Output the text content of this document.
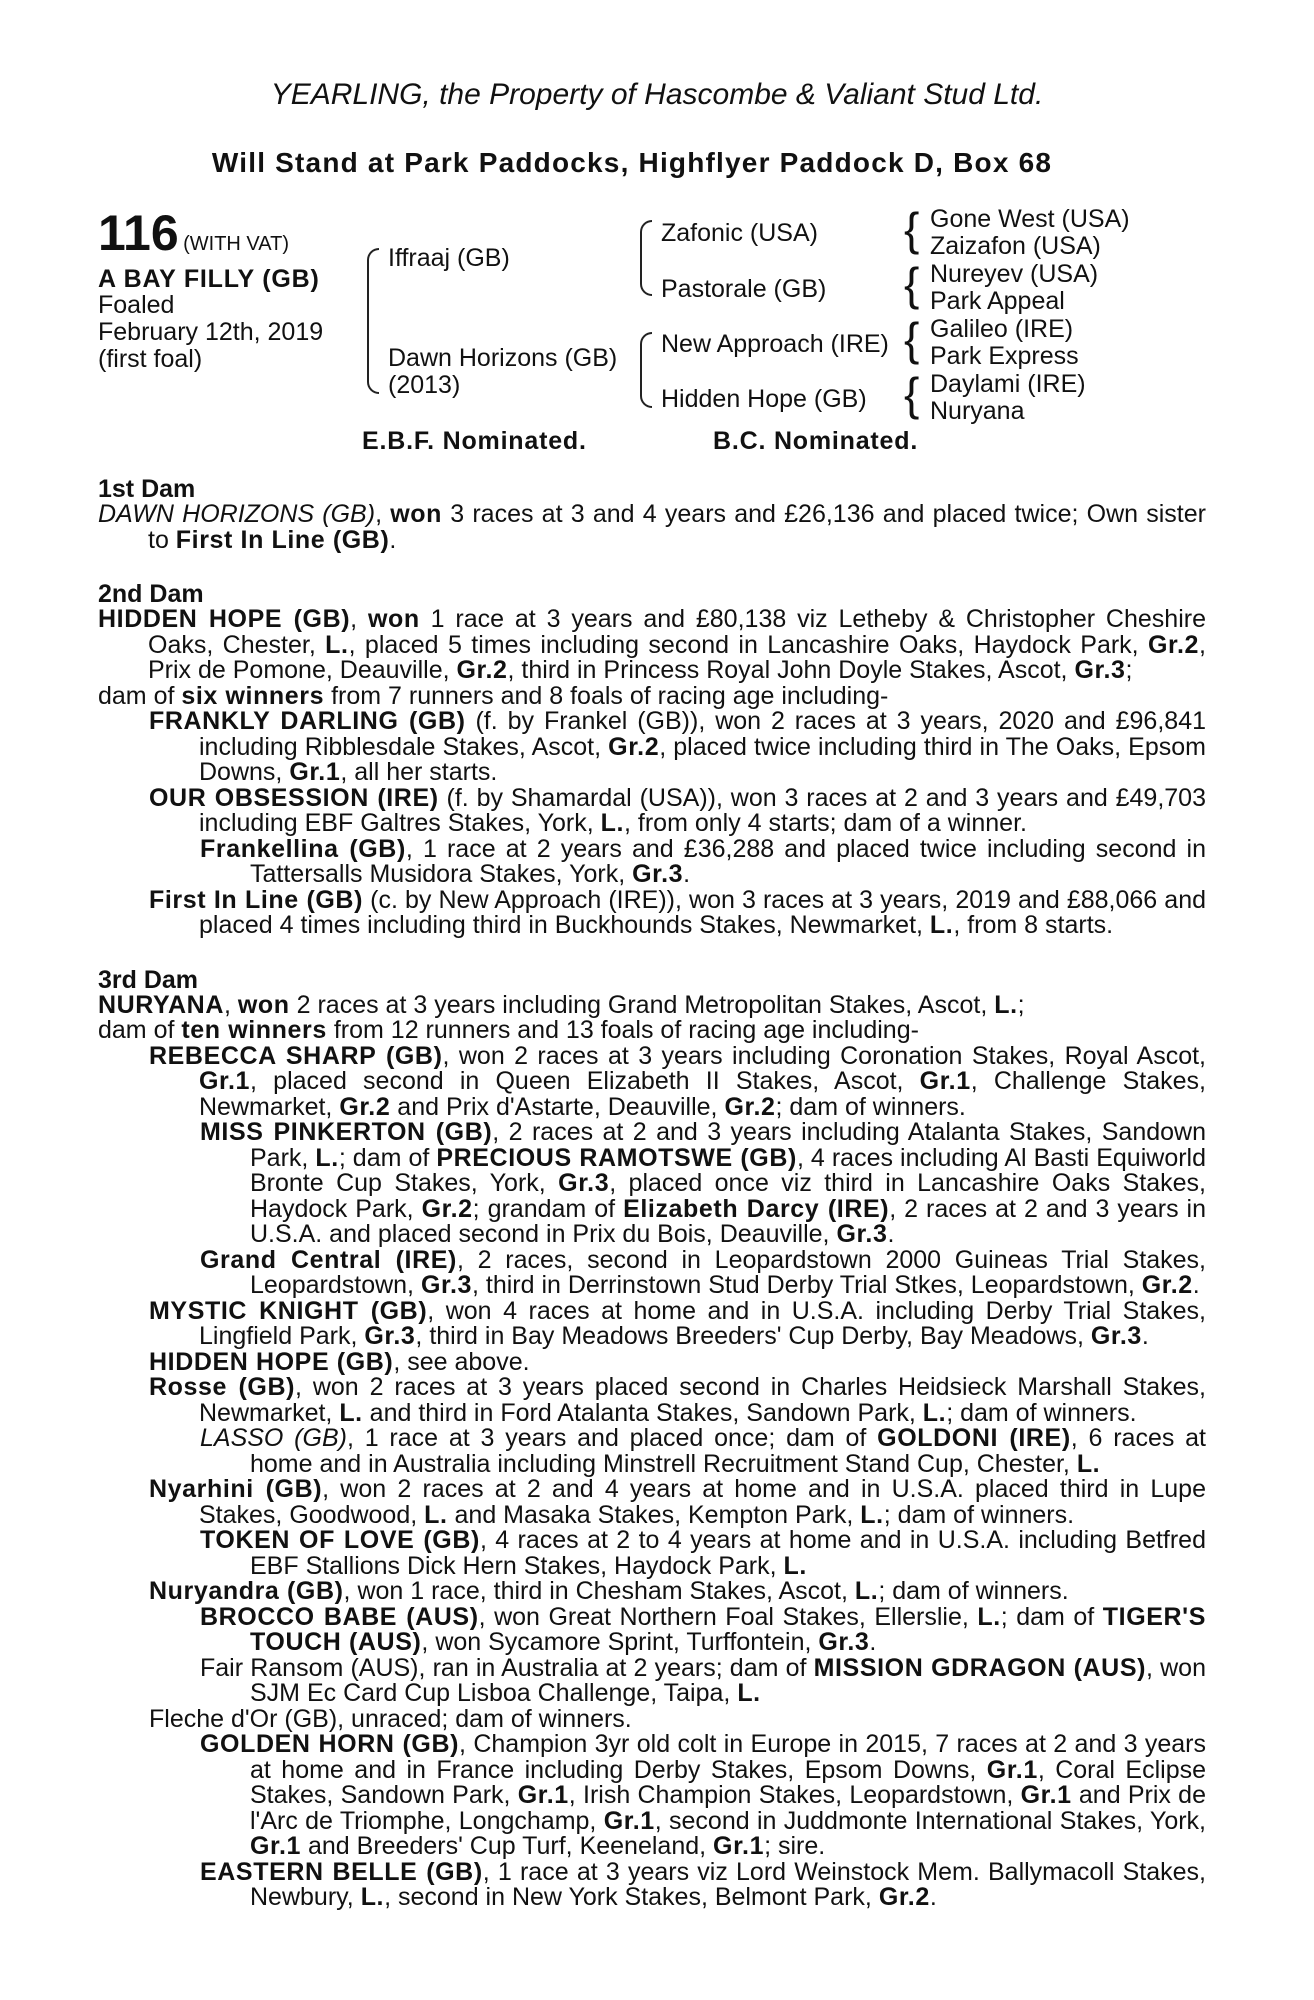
YEARLING, the Property of Hascombe & Valiant Stud Ltd.
Will Stand at Park Paddocks, Highflyer Paddock D, Box 68
116 (WITH VAT)
A BAY FILLY (GB)
Foaled
February 12th, 2019
(first foal)
Iffraaj (GB)
Dawn Horizons (GB)
(2013)
Zafonic (USA)
Pastorale (GB)
New Approach (IRE)
Hidden Hope (GB)
{
{
{
{
Gone West (USA)
Zaizafon (USA)
Nureyev (USA)
Park Appeal
Galileo (IRE)
Park Express
Daylami (IRE)
Nuryana
E.B.F. Nominated.	B.C. Nominated.

1st Dam

DAWN HORIZONS (GB), won 3 races at 3 and 4 years and £26,136 and placed twice; Own sister to First In Line (GB).

2nd Dam

HIDDEN HOPE (GB), won 1 race at 3 years and £80,138 viz Letheby & Christopher Cheshire Oaks, Chester, L., placed 5 times including second in Lancashire Oaks, Haydock Park, Gr.2, Prix de Pomone, Deauville, Gr.2, third in Princess Royal John Doyle Stakes, Ascot, Gr.3;

dam of six winners from 7 runners and 8 foals of racing age including-

FRANKLY DARLING (GB) (f. by Frankel (GB)), won 2 races at 3 years, 2020 and £96,841 including Ribblesdale Stakes, Ascot, Gr.2, placed twice including third in The Oaks, Epsom Downs, Gr.1, all her starts.

OUR OBSESSION (IRE) (f. by Shamardal (USA)), won 3 races at 2 and 3 years and £49,703 including EBF Galtres Stakes, York, L., from only 4 starts; dam of a winner.

Frankellina (GB), 1 race at 2 years and £36,288 and placed twice including second in Tattersalls Musidora Stakes, York, Gr.3.

First In Line (GB) (c. by New Approach (IRE)), won 3 races at 3 years, 2019 and £88,066 and placed 4 times including third in Buckhounds Stakes, Newmarket, L., from 8 starts.

3rd Dam

NURYANA, won 2 races at 3 years including Grand Metropolitan Stakes, Ascot, L.;

dam of ten winners from 12 runners and 13 foals of racing age including-

REBECCA SHARP (GB), won 2 races at 3 years including Coronation Stakes, Royal Ascot, Gr.1, placed second in Queen Elizabeth II Stakes, Ascot, Gr.1, Challenge Stakes, Newmarket, Gr.2 and Prix d'Astarte, Deauville, Gr.2; dam of winners.

MISS PINKERTON (GB), 2 races at 2 and 3 years including Atalanta Stakes, Sandown Park, L.; dam of PRECIOUS RAMOTSWE (GB), 4 races including Al Basti Equiworld Bronte Cup Stakes, York, Gr.3, placed once viz third in Lancashire Oaks Stakes, Haydock Park, Gr.2; grandam of Elizabeth Darcy (IRE), 2 races at 2 and 3 years in U.S.A. and placed second in Prix du Bois, Deauville, Gr.3.

Grand Central (IRE), 2 races, second in Leopardstown 2000 Guineas Trial Stakes, Leopardstown, Gr.3, third in Derrinstown Stud Derby Trial Stkes, Leopardstown, Gr.2.

MYSTIC KNIGHT (GB), won 4 races at home and in U.S.A. including Derby Trial Stakes, Lingfield Park, Gr.3, third in Bay Meadows Breeders' Cup Derby, Bay Meadows, Gr.3.

HIDDEN HOPE (GB), see above.

Rosse (GB), won 2 races at 3 years placed second in Charles Heidsieck Marshall Stakes, Newmarket, L. and third in Ford Atalanta Stakes, Sandown Park, L.; dam of winners.

LASSO (GB), 1 race at 3 years and placed once; dam of GOLDONI (IRE), 6 races at home and in Australia including Minstrell Recruitment Stand Cup, Chester, L.

Nyarhini (GB), won 2 races at 2 and 4 years at home and in U.S.A. placed third in Lupe Stakes, Goodwood, L. and Masaka Stakes, Kempton Park, L.; dam of winners.

TOKEN OF LOVE (GB), 4 races at 2 to 4 years at home and in U.S.A. including Betfred EBF Stallions Dick Hern Stakes, Haydock Park, L.

Nuryandra (GB), won 1 race, third in Chesham Stakes, Ascot, L.; dam of winners.

BROCCO BABE (AUS), won Great Northern Foal Stakes, Ellerslie, L.; dam of TIGER'S TOUCH (AUS), won Sycamore Sprint, Turffontein, Gr.3.

Fair Ransom (AUS), ran in Australia at 2 years; dam of MISSION GDRAGON (AUS), won SJM Ec Card Cup Lisboa Challenge, Taipa, L.

Fleche d'Or (GB), unraced; dam of winners.

GOLDEN HORN (GB), Champion 3yr old colt in Europe in 2015, 7 races at 2 and 3 years at home and in France including Derby Stakes, Epsom Downs, Gr.1, Coral Eclipse Stakes, Sandown Park, Gr.1, Irish Champion Stakes, Leopardstown, Gr.1 and Prix de l'Arc de Triomphe, Longchamp, Gr.1, second in Juddmonte International Stakes, York, Gr.1 and Breeders' Cup Turf, Keeneland, Gr.1; sire.

EASTERN BELLE (GB), 1 race at 3 years viz Lord Weinstock Mem. Ballymacoll Stakes, Newbury, L., second in New York Stakes, Belmont Park, Gr.2.
